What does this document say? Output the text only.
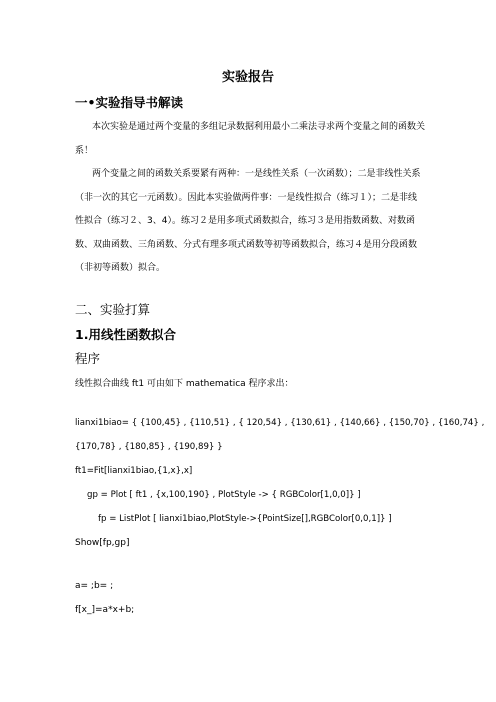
实验报告
一•实验指导书解读
本次实验是通过两个变量的多组记录数据利用最小二乘法寻求两个变量之间的函数关系！
两个变量之间的函数关系要紧有两种：一是线性关系（一次函数）；二是非线性关系（非一次的其它一元函数）。因此本实验做两件事：一是线性拟合（练习１）；二是非线性拟合（练习２、3、4）。练习２是用多项式函数拟合，练习３是用指数函数、对数函数、双曲函数、三角函数、分式有理多项式函数等初等函数拟合，练习４是用分段函数（非初等函数）拟合。
二、实验打算
1.用线性函数拟合
程序
线性拟合曲线 ft1 可由如下 mathematica 程序求出：
lianxi1biao= { {100,45} , {110,51} , { 120,54} , {130,61} , {140,66} , {150,70} , {160,74} ,
{170,78} , {180,85} , {190,89} }
ft1=Fit[lianxi1biao,{1,x},x]
gp = Plot [ ft1 , {x,100,190} , PlotStyle -> { RGBColor[1,0,0]} ]
fp = ListPlot [ lianxi1biao,PlotStyle->{PointSize[],RGBColor[0,0,1]} ]
Show[fp,gp]
a= ;b= ;
f[x_]=a*x+b;
